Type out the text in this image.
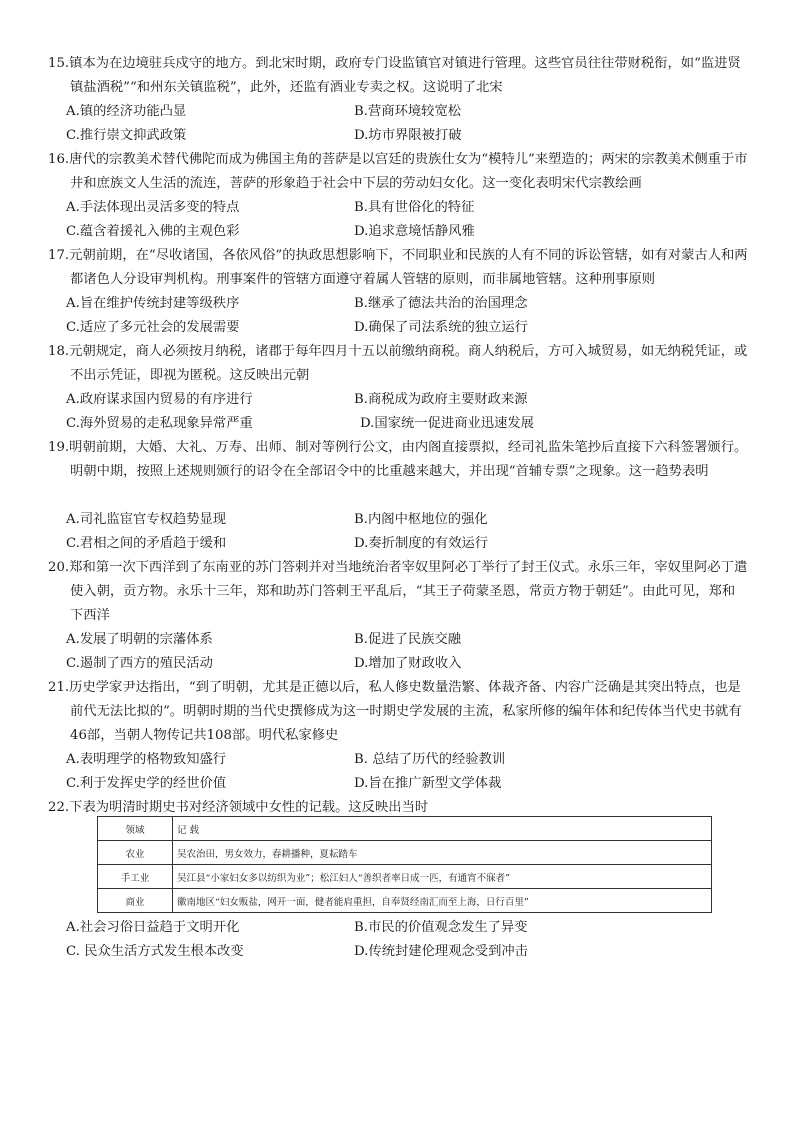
15.镇本为在边境驻兵戍守的地方。到北宋时期，政府专门设监镇官对镇进行管理。这些官员往往带财税衔，如“监进贤镇盐酒税”“和州东关镇监税”，此外，还监有酒业专卖之权。这说明了北宋

A.镇的经济功能凸显	B.营商环境较宽松
C.推行崇文抑武政策	D.坊市界限被打破

16.唐代的宗教美术替代佛陀而成为佛国主角的菩萨是以宫廷的贵族仕女为“模特儿”来塑造的；两宋的宗教美术侧重于市井和庶族文人生活的流连，菩萨的形象趋于社会中下层的劳动妇女化。这一变化表明宋代宗教绘画

A.手法体现出灵活多变的特点	B.具有世俗化的特征
C.蕴含着援礼入佛的主观色彩	D.追求意境恬静风雅

17.元朝前期，在“尽收诸国，各依风俗”的执政思想影响下，不同职业和民族的人有不同的诉讼管辖，如有对蒙古人和两都诸色人分设审判机构。刑事案件的管辖方面遵守着属人管辖的原则，而非属地管辖。这种刑事原则

A.旨在维护传统封建等级秩序	B.继承了德法共治的治国理念
C.适应了多元社会的发展需要	D.确保了司法系统的独立运行

18.元朝规定，商人必须按月纳税，诸郡于每年四月十五以前缴纳商税。商人纳税后，方可入城贸易，如无纳税凭证，或不出示凭证，即视为匿税。这反映出元朝

A.政府谋求国内贸易的有序进行	B.商税成为政府主要财政来源
C.海外贸易的走私现象异常严重	D.国家统一促进商业迅速发展

19.明朝前期，大婚、大礼、万寿、出师、制对等例行公文，由内阁直接票拟，经司礼监朱笔抄后直接下六科签署颁行。明朝中期，按照上述规则颁行的诏令在全部诏令中的比重越来越大，并出现“首辅专票”之现象。这一趋势表明

A.司礼监宦官专权趋势显现	B.内阁中枢地位的强化
C.君相之间的矛盾趋于缓和	D.奏折制度的有效运行

20.郑和第一次下西洋到了东南亚的苏门答剌并对当地统治者宰奴里阿必丁举行了封王仪式。永乐三年，宰奴里阿必丁遣使入朝，贡方物。永乐十三年，郑和助苏门答剌王平乱后，“其王子荷蒙圣恩，常贡方物于朝廷”。由此可见，郑和下西洋

A.发展了明朝的宗藩体系	B.促进了民族交融
C.遏制了西方的殖民活动	D.增加了财政收入

21.历史学家尹达指出，“到了明朝，尤其是正德以后，私人修史数量浩繁、体裁齐备、内容广泛确是其突出特点，也是前代无法比拟的”。明朝时期的当代史撰修成为这一时期史学发展的主流，私家所修的编年体和纪传体当代史书就有46部，当朝人物传记共108部。明代私家修史

A.表明理学的格物致知盛行	B. 总结了历代的经验教训
C.利于发挥史学的经世价值	D.旨在推广新型文学体裁

22.下表为明清时期史书对经济领域中女性的记载。这反映出当时

领域	记 载
农业	吴农治田，男女效力，春耕播种，夏耘踏车
手工业	吴江县“小家妇女多以纺织为业”；松江妇人“善织者率日成一匹，有通宵不寐者”
商业	徽南地区“妇女贩盐，网开一面，健者能肩重担，自奉贤经南汇而至上海，日行百里”
A.社会习俗日益趋于文明开化	B.市民的价值观念发生了异变
C. 民众生活方式发生根本改变	D.传统封建伦理观念受到冲击
